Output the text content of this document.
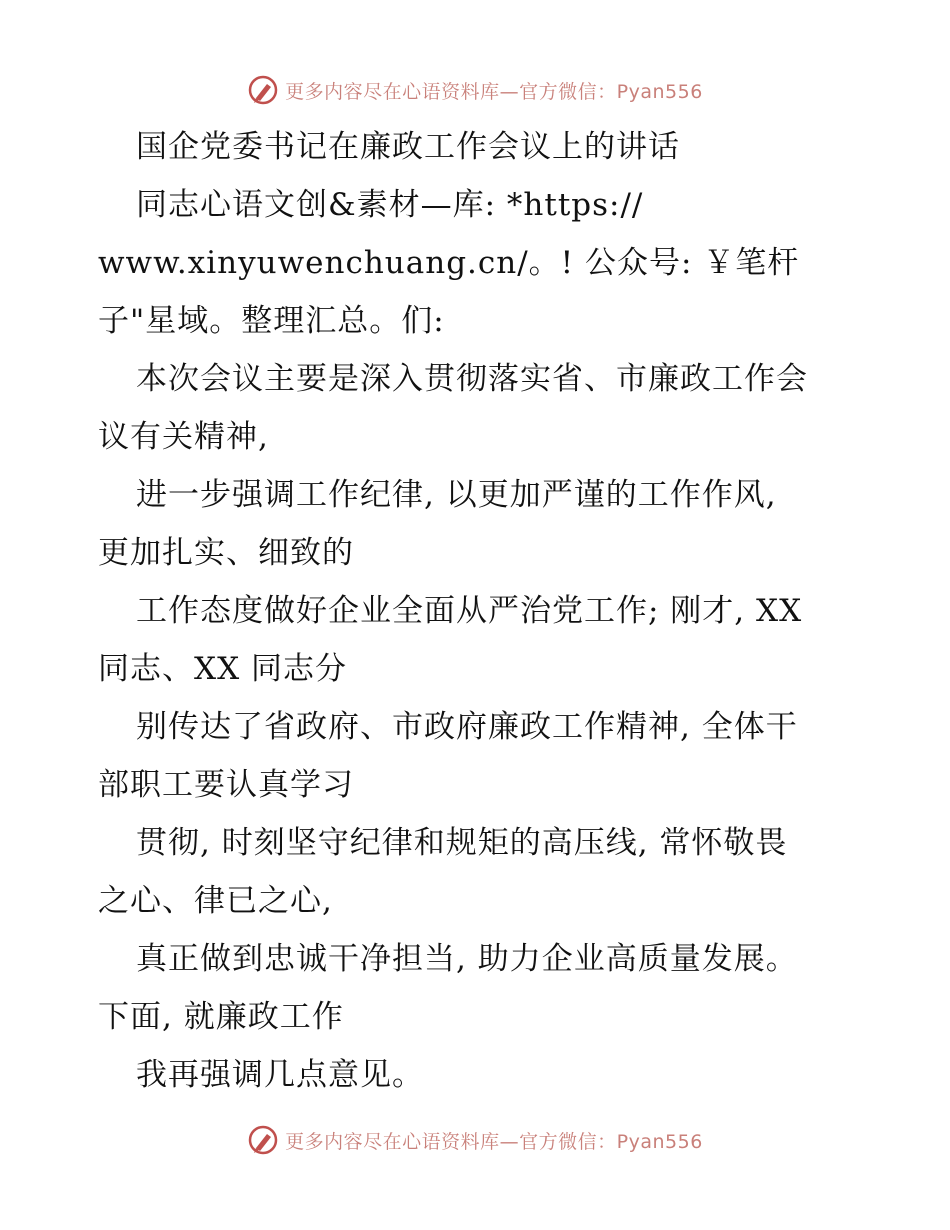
更多内容尽在心语资料库—官方微信：Pyan556
国企党委书记在廉政工作会议上的讲话
同志心语文创&素材—库: *https://
www.xinyuwenchuang.cn/。! 公众号: ￥笔杆
子"星域。整理汇总。们:
本次会议主要是深入贯彻落实省、市廉政工作会
议有关精神,
进一步强调工作纪律, 以更加严谨的工作作风,
更加扎实、细致的
工作态度做好企业全面从严治党工作; 刚才, XX
同志、XX 同志分
别传达了省政府、市政府廉政工作精神, 全体干
部职工要认真学习
贯彻, 时刻坚守纪律和规矩的高压线, 常怀敬畏
之心、律已之心,
真正做到忠诚干净担当, 助力企业高质量发展。
下面, 就廉政工作
我再强调几点意见。
更多内容尽在心语资料库—官方微信：Pyan556
